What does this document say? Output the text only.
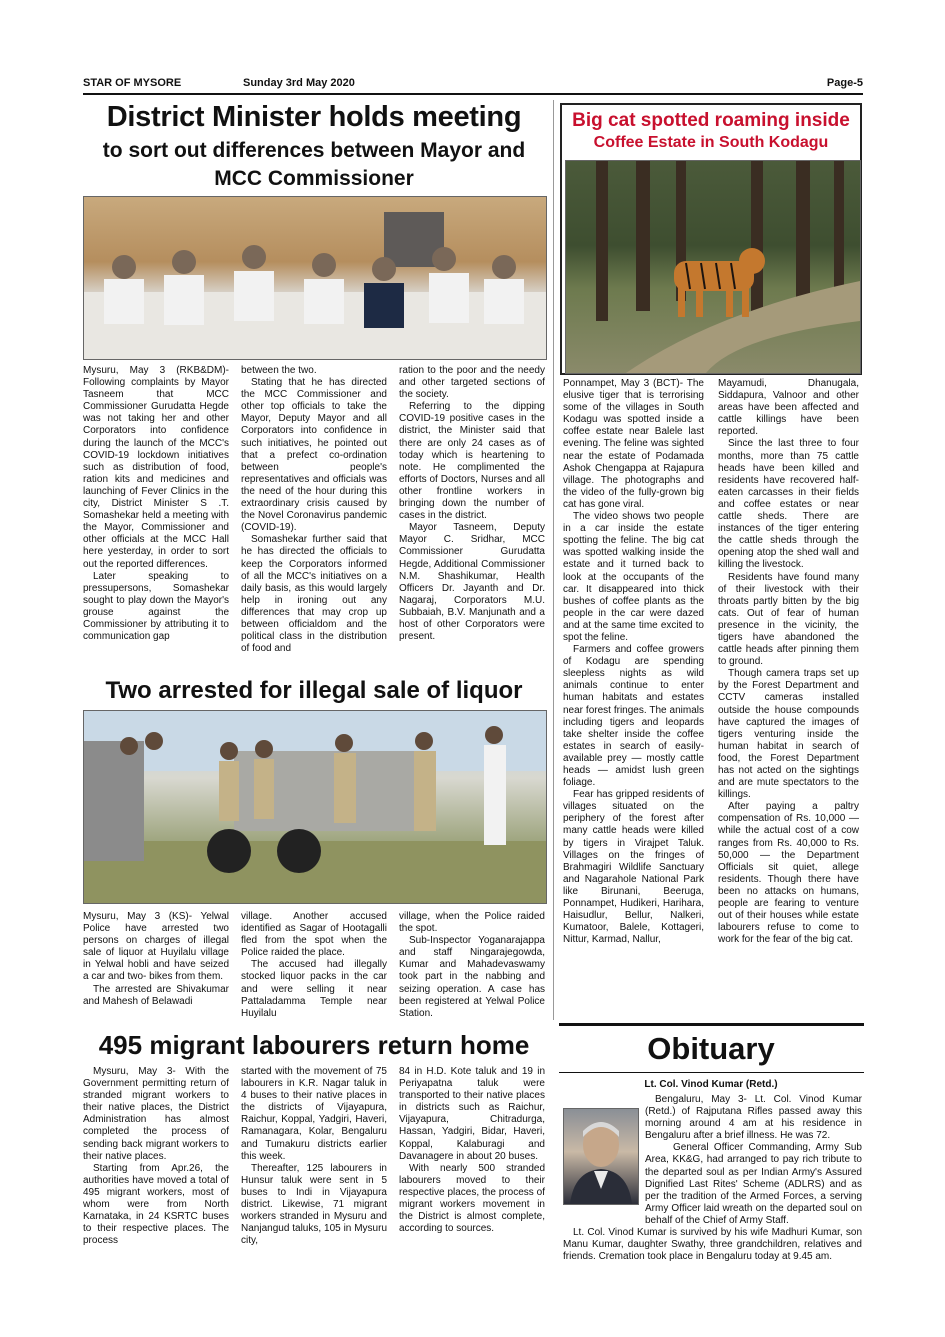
STAR OF MYSORE	Sunday 3rd May 2020	Page-5
District Minister holds meeting
to sort out differences between Mayor and MCC Commissioner

Mysuru, May 3 (RKB&DM)- Following complaints by Mayor Tasneem that MCC Commissioner Gurudatta Hegde was not taking her and other Corporators into confidence during the launch of the MCC's COVID-19 lockdown initiatives such as distribution of food, ration kits and medicines and launching of Fever Clinics in the city, District Minister S .T. Somashekar held a meeting with the Mayor, Commissioner and other officials at the MCC Hall here yesterday, in order to sort out the reported differences.

Later speaking to pressupersons, Somashekar sought to play down the Mayor's grouse against the Commissioner by attributing it to communication gap

between the two.

Stating that he has directed the MCC Commissioner and other top officials to take the Mayor, Deputy Mayor and all Corporators into confidence in such initiatives, he pointed out that a prefect co-ordination between people's representatives and officials was the need of the hour during this extraordinary crisis caused by the Novel Coronavirus pandemic (COVID-19).

Somashekar further said that he has directed the officials to keep the Corporators informed of all the MCC's initiatives on a daily basis, as this would largely help in ironing out any differences that may crop up between officialdom and the political class in the distribution of food and

ration to the poor and the needy and other targeted sections of the society.

Referring to the dipping COVID-19 positive cases in the district, the Minister said that there are only 24 cases as of today which is heartening to note. He complimented the efforts of Doctors, Nurses and all other frontline workers in bringing down the number of cases in the district.

Mayor Tasneem, Deputy Mayor C. Sridhar, MCC Commissioner Gurudatta Hegde, Additional Commissioner N.M. Shashikumar, Health Officers Dr. Jayanth and Dr. Nagaraj, Corporators M.U. Subbaiah, B.V. Manjunath and a host of other Corporators were present.

Big cat spotted roaming inside
Coffee Estate in South Kodagu

Ponnampet, May 3 (BCT)- The elusive tiger that is terrorising some of the villages in South Kodagu was spotted inside a coffee estate near Balele last evening. The feline was sighted near the estate of Podamada Ashok Chengappa at Rajapura village. The photographs and the video of the fully-grown big cat has gone viral.

The video shows two people in a car inside the estate spotting the feline. The big cat was spotted walking inside the estate and it turned back to look at the occupants of the car. It disappeared into thick bushes of coffee plants as the people in the car were dazed and at the same time excited to spot the feline.

Farmers and coffee growers of Kodagu are spending sleepless nights as wild animals continue to enter human habitats and estates near forest fringes. The animals including tigers and leopards take shelter inside the coffee estates in search of easily-available prey — mostly cattle heads — amidst lush green foliage.

Fear has gripped residents of villages situated on the periphery of the forest after many cattle heads were killed by tigers in Virajpet Taluk. Villages on the fringes of Brahmagiri Wildlife Sanctuary and Nagarahole National Park like Birunani, Beeruga, Ponnampet, Hudikeri, Harihara, Haisudlur, Bellur, Nalkeri, Kumatoor, Balele, Kottageri, Nittur, Karmad, Nallur,

Mayamudi, Dhanugala, Siddapura, Valnoor and other areas have been affected and cattle killings have been reported.

Since the last three to four months, more than 75 cattle heads have been killed and residents have recovered half-eaten carcasses in their fields and coffee estates or near cattle sheds. There are instances of the tiger entering the cattle sheds through the opening atop the shed wall and killing the livestock.

Residents have found many of their livestock with their throats partly bitten by the big cats. Out of fear of human presence in the vicinity, the tigers have abandoned the cattle heads after pinning them to ground.

Though camera traps set up by the Forest Department and CCTV cameras installed outside the house compounds have captured the images of tigers venturing inside the human habitat in search of food, the Forest Department has not acted on the sightings and are mute spectators to the killings.

After paying a paltry compensation of Rs. 10,000 — while the actual cost of a cow ranges from Rs. 40,000 to Rs. 50,000 — the Department Officials sit quiet, allege residents. Though there have been no attacks on humans, people are fearing to venture out of their houses while estate labourers refuse to come to work for the fear of the big cat.

Two arrested for illegal sale of liquor

Mysuru, May 3 (KS)- Yelwal Police have arrested two persons on charges of illegal sale of liquor at Huyilalu village in Yelwal hobli and have seized a car and two- bikes from them.

The arrested are Shivakumar and Mahesh of Belawadi

village. Another accused identified as Sagar of Hootagalli fled from the spot when the Police raided the place.

The accused had illegally stocked liquor packs in the car and were selling it near Pattaladamma Temple near Huyilalu

village, when the Police raided the spot.

Sub-Inspector Yoganarajappa and staff Ningarajegowda, Kumar and Mahadevaswamy took part in the nabbing and seizing operation. A case has been registered at Yelwal Police Station.

495 migrant labourers return home

Mysuru, May 3- With the Government permitting return of stranded migrant workers to their native places, the District Administration has almost completed the process of sending back migrant workers to their native places.

Starting from Apr.26, the authorities have moved a total of 495 migrant workers, most of whom were from North Karnataka, in 24 KSRTC buses to their respective places. The process

started with the movement of 75 labourers in K.R. Nagar taluk in 4 buses to their native places in the districts of Vijayapura, Raichur, Koppal, Yadgiri, Haveri, Ramanagara, Kolar, Bengaluru and Tumakuru districts earlier this week.

Thereafter, 125 labourers in Hunsur taluk were sent in 5 buses to Indi in Vijayapura district. Likewise, 71 migrant workers stranded in Mysuru and Nanjangud taluks, 105 in Mysuru city,

84 in H.D. Kote taluk and 19 in Periyapatna taluk were transported to their native places in districts such as Raichur, Vijayapura, Chitradurga, Hassan, Yadgiri, Bidar, Haveri, Koppal, Kalaburagi and Davanagere in about 20 buses.

With nearly 500 stranded labourers moved to their respective places, the process of migrant workers movement in the District is almost complete, according to sources.

Obituary
Lt. Col. Vinod Kumar (Retd.)

Bengaluru, May 3- Lt. Col. Vinod Kumar (Retd.) of Rajputana Rifles passed away this morning around 4 am at his residence in Bengaluru after a brief illness. He was 72.

General Officer Commanding, Army Sub Area, KK&G, had arranged to pay rich tribute to the departed soul as per Indian Army's Assured Dignified Last Rites' Scheme (ADLRS) and as per the tradition of the Armed Forces, a serving Army Officer laid wreath on the departed soul on behalf of the Chief of Army Staff.

Lt. Col. Vinod Kumar is survived by his wife Madhuri Kumar, son Manu Kumar, daughter Swathy, three grandchildren, relatives and friends. Cremation took place in Bengaluru today at 9.45 am.
